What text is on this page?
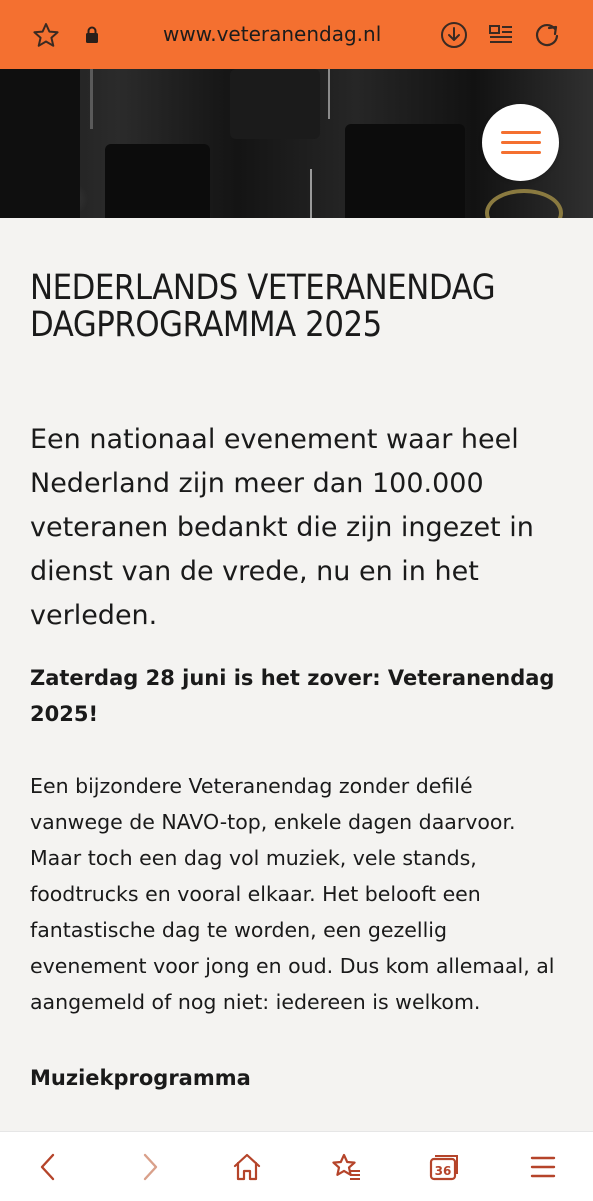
www.veteranendag.nl
NEDERLANDS VETERANENDAG DAGPROGRAMMA 2025
Een nationaal evenement waar heel Nederland zijn meer dan 100.000 veteranen bedankt die zijn ingezet in dienst van de vrede, nu en in het verleden.
Zaterdag 28 juni is het zover: Veteranendag 2025!
Een bijzondere Veteranendag zonder defilé vanwege de NAVO-top, enkele dagen daarvoor. Maar toch een dag vol muziek, vele stands, foodtrucks en vooral elkaar. Het belooft een fantastische dag te worden, een gezellig evenement voor jong en oud. Dus kom allemaal, al aangemeld of nog niet: iedereen is welkom.
Muziekprogramma
36
